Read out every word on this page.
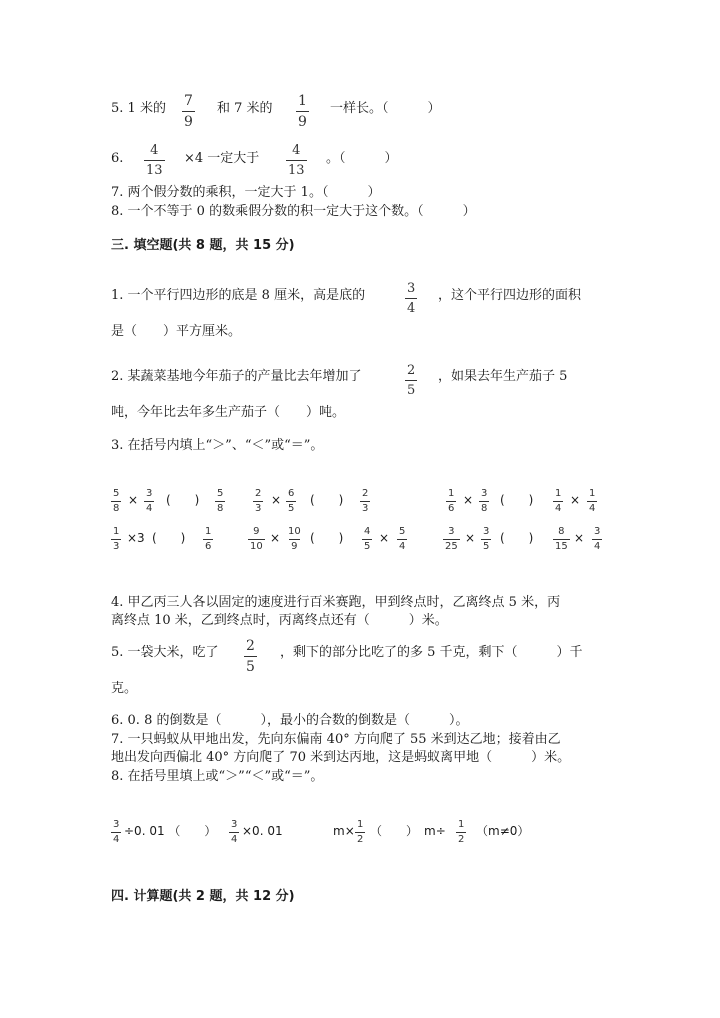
5. 1 米的 $\frac{7}{9}$ 和 7 米的 $\frac{1}{9}$ 一样长。（　　　）
6. $\frac{4}{13} \times 4$ 一定大于 $\frac{4}{13}$ 。（　　　）
7. 两个假分数的乘积，一定大于 1。（　　　）
8. 一个不等于 0 的数乘假分数的积一定大于这个数。（　　　）
三. 填空题(共 8 题，共 15 分)
1. 一个平行四边形的底是 8 厘米，高是底的	$\frac{3}{4}$ ，这个平行四边形的面积
是（　　）平方厘米。
2. 某蔬菜基地今年茄子的产量比去年增加了	$\frac{2}{5}$ ，如果去年生产茄子 5
吨，今年比去年多生产茄子（　　）吨。
3. 在括号内填上“＞”、“＜”或“＝”。
$\frac{5}{8} \times \frac{3}{4}$ (　　) $\frac{5}{8}$	$\frac{2}{3} \times \frac{6}{5}$ (　　) $\frac{2}{3}$	$\frac{1}{6} \times \frac{3}{8}$ (　　) $\frac{1}{4} \times \frac{1}{4}$
$\frac{1}{3} \times 3$ (　　) $\frac{1}{6}$	$\frac{9}{10} \times \frac{10}{9}$ (　　) $\frac{4}{5} \times \frac{5}{4}$	$\frac{3}{25} \times \frac{3}{5}$ (　　) $\frac{8}{15} \times \frac{3}{4}$
4. 甲乙丙三人各以固定的速度进行百米赛跑，甲到终点时，乙离终点 5 米，丙
离终点 10 米，乙到终点时，丙离终点还有（　　　）米。
5. 一袋大米，吃了 $\frac{2}{5}$ ，剩下的部分比吃了的多 5 千克，剩下（　　　）千
克。
6. 0. 8 的倒数是（　　　），最小的合数的倒数是（　　　）。
7. 一只蚂蚁从甲地出发，先向东偏南 40° 方向爬了 55 米到达乙地；接着由乙
地出发向西偏北 40° 方向爬了 70 米到达丙地，这是蚂蚁离甲地（　　　）米。
8. 在括号里填上或“＞”“＜”或“＝”。
$\frac{3}{4} \div 0$. 01 （　　） $\frac{3}{4} \times 0$. 01	$m\times \frac{1}{2}$ （　　）　$m\div \frac{1}{2} (m\ne 0)$
四. 计算题(共 2 题，共 12 分)
